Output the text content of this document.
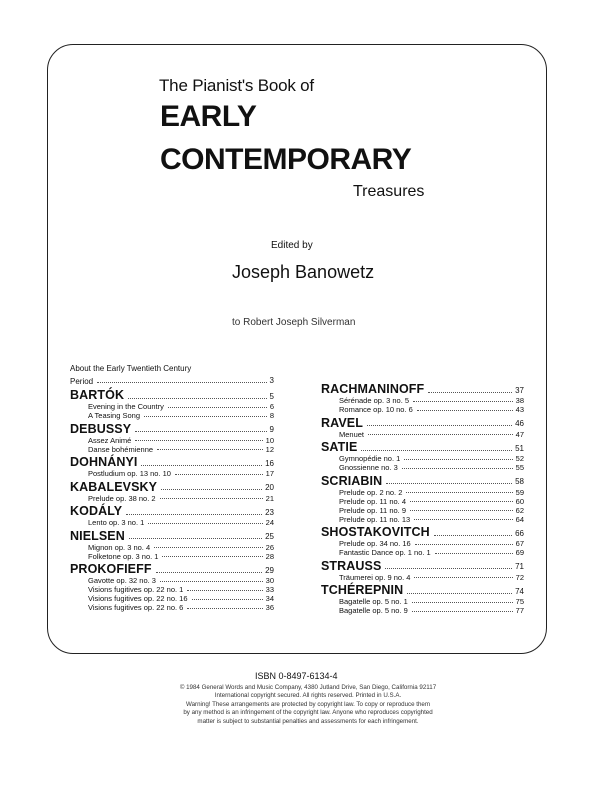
The Pianist's Book of
EARLY
CONTEMPORARY
Treasures
Edited by
Joseph Banowetz
to Robert Joseph Silverman
About the Early Twentieth Century
Period	3
BARTÓK	5
Evening in the Country	6
A Teasing Song	8
DEBUSSY	9
Assez Animé	10
Danse bohémienne	12
DOHNÁNYI	16
Postludium op. 13 no. 10	17
KABALEVSKY	20
Prelude op. 38 no. 2	21
KODÁLY	23
Lento op. 3 no. 1	24
NIELSEN	25
Mignon op. 3 no. 4	26
Folketone op. 3 no. 1	28
PROKOFIEFF	29
Gavotte op. 32 no. 3	30
Visions fugitives op. 22 no. 1	33
Visions fugitives op. 22 no. 16	34
Visions fugitives op. 22 no. 6	36
RACHMANINOFF	37
Sérénade op. 3 no. 5	38
Romance op. 10 no. 6	43
RAVEL	46
Menuet	47
SATIE	51
Gymnopédie no. 1	52
Gnossienne no. 3	55
SCRIABIN	58
Prelude op. 2 no. 2	59
Prelude op. 11 no. 4	60
Prelude op. 11 no. 9	62
Prelude op. 11 no. 13	64
SHOSTAKOVITCH	66
Prelude op. 34 no. 16	67
Fantastic Dance op. 1 no. 1	69
STRAUSS	71
Träumerei op. 9 no. 4	72
TCHÉREPNIN	74
Bagatelle op. 5 no. 1	75
Bagatelle op. 5 no. 9	77
ISBN 0-8497-6134-4
© 1984 General Words and Music Company, 4380 Jutland Drive, San Diego, California 92117
International copyright secured. All rights reserved. Printed in U.S.A.
Warning! These arrangements are protected by copyright law. To copy or reproduce them
by any method is an infringement of the copyright law. Anyone who reproduces copyrighted
matter is subject to substantial penalties and assessments for each infringement.
